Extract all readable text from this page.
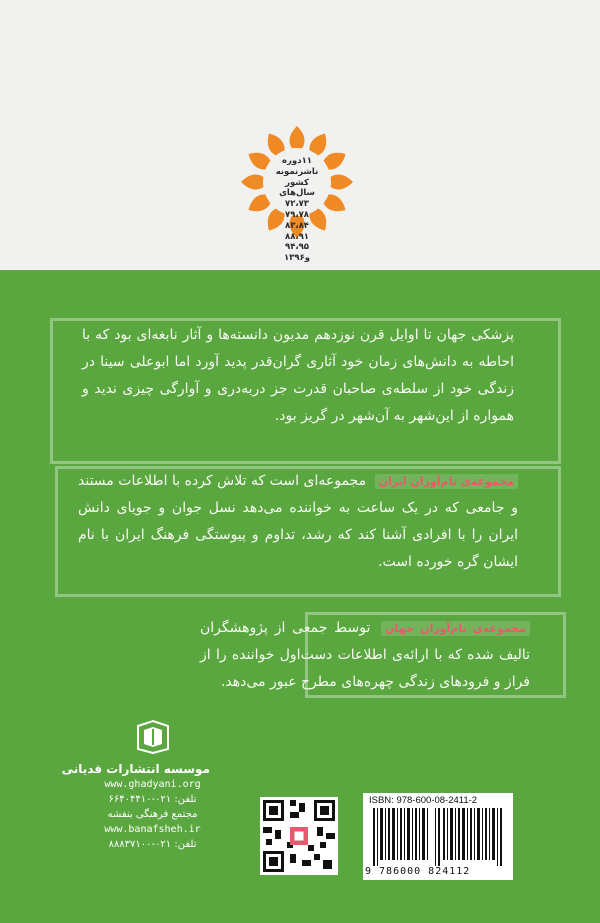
۱۱دوره
ناشرنمونه
کشور
سال‌های
۷۲،۷۳
۷۹،۷۸
۸۳،۸۴
۸۸،۹۱
۹۴،۹۵
و۱۳۹۶
پزشکی جهان تا اوایل قرن نوزدهم مدیون دانسته‌ها و آثار نابغه‌ای بود که با احاطه به دانش‌های زمان خود آثاری گران‌قدر پدید آورد اما ابوعلی سینا در زندگی خود از سلطه‌ی صاحبان قدرت جز دربه‌دری و آوارگی چیزی ندید و همواره از این‌شهر به آن‌شهر در گریز بود.
مجموعه‌ی نام‌آوران ایران مجموعه‌ای است که تلاش کرده با اطلاعات مستند و جامعی که در یک ساعت به خواننده می‌دهد نسل جوان و جویای دانش ایران را با افرادی آشنا کند که رشد، تداوم و پیوستگی فرهنگ ایران با نام ایشان گره خورده است.
مجموعه‌ی نام‌آوران جهان توسط جمعی از پژوهشگران تالیف شده که با ارائه‌ی اطلاعات دست‌اول خواننده را از فراز و فرودهای زندگی چهره‌های مطرح عبور می‌دهد.
موسسه انتشارات قدیانی
www.ghadyani.org
تلفن: ۰۲۱-۶۶۴۰۴۴۱۰
مجتمع فرهنگی بنفشه
www.banafsheh.ir
تلفن: ۰۲۱-۸۸۸۳۷۱۰۰
ISBN: 978-600-08-2411-2
9 786000 824112
